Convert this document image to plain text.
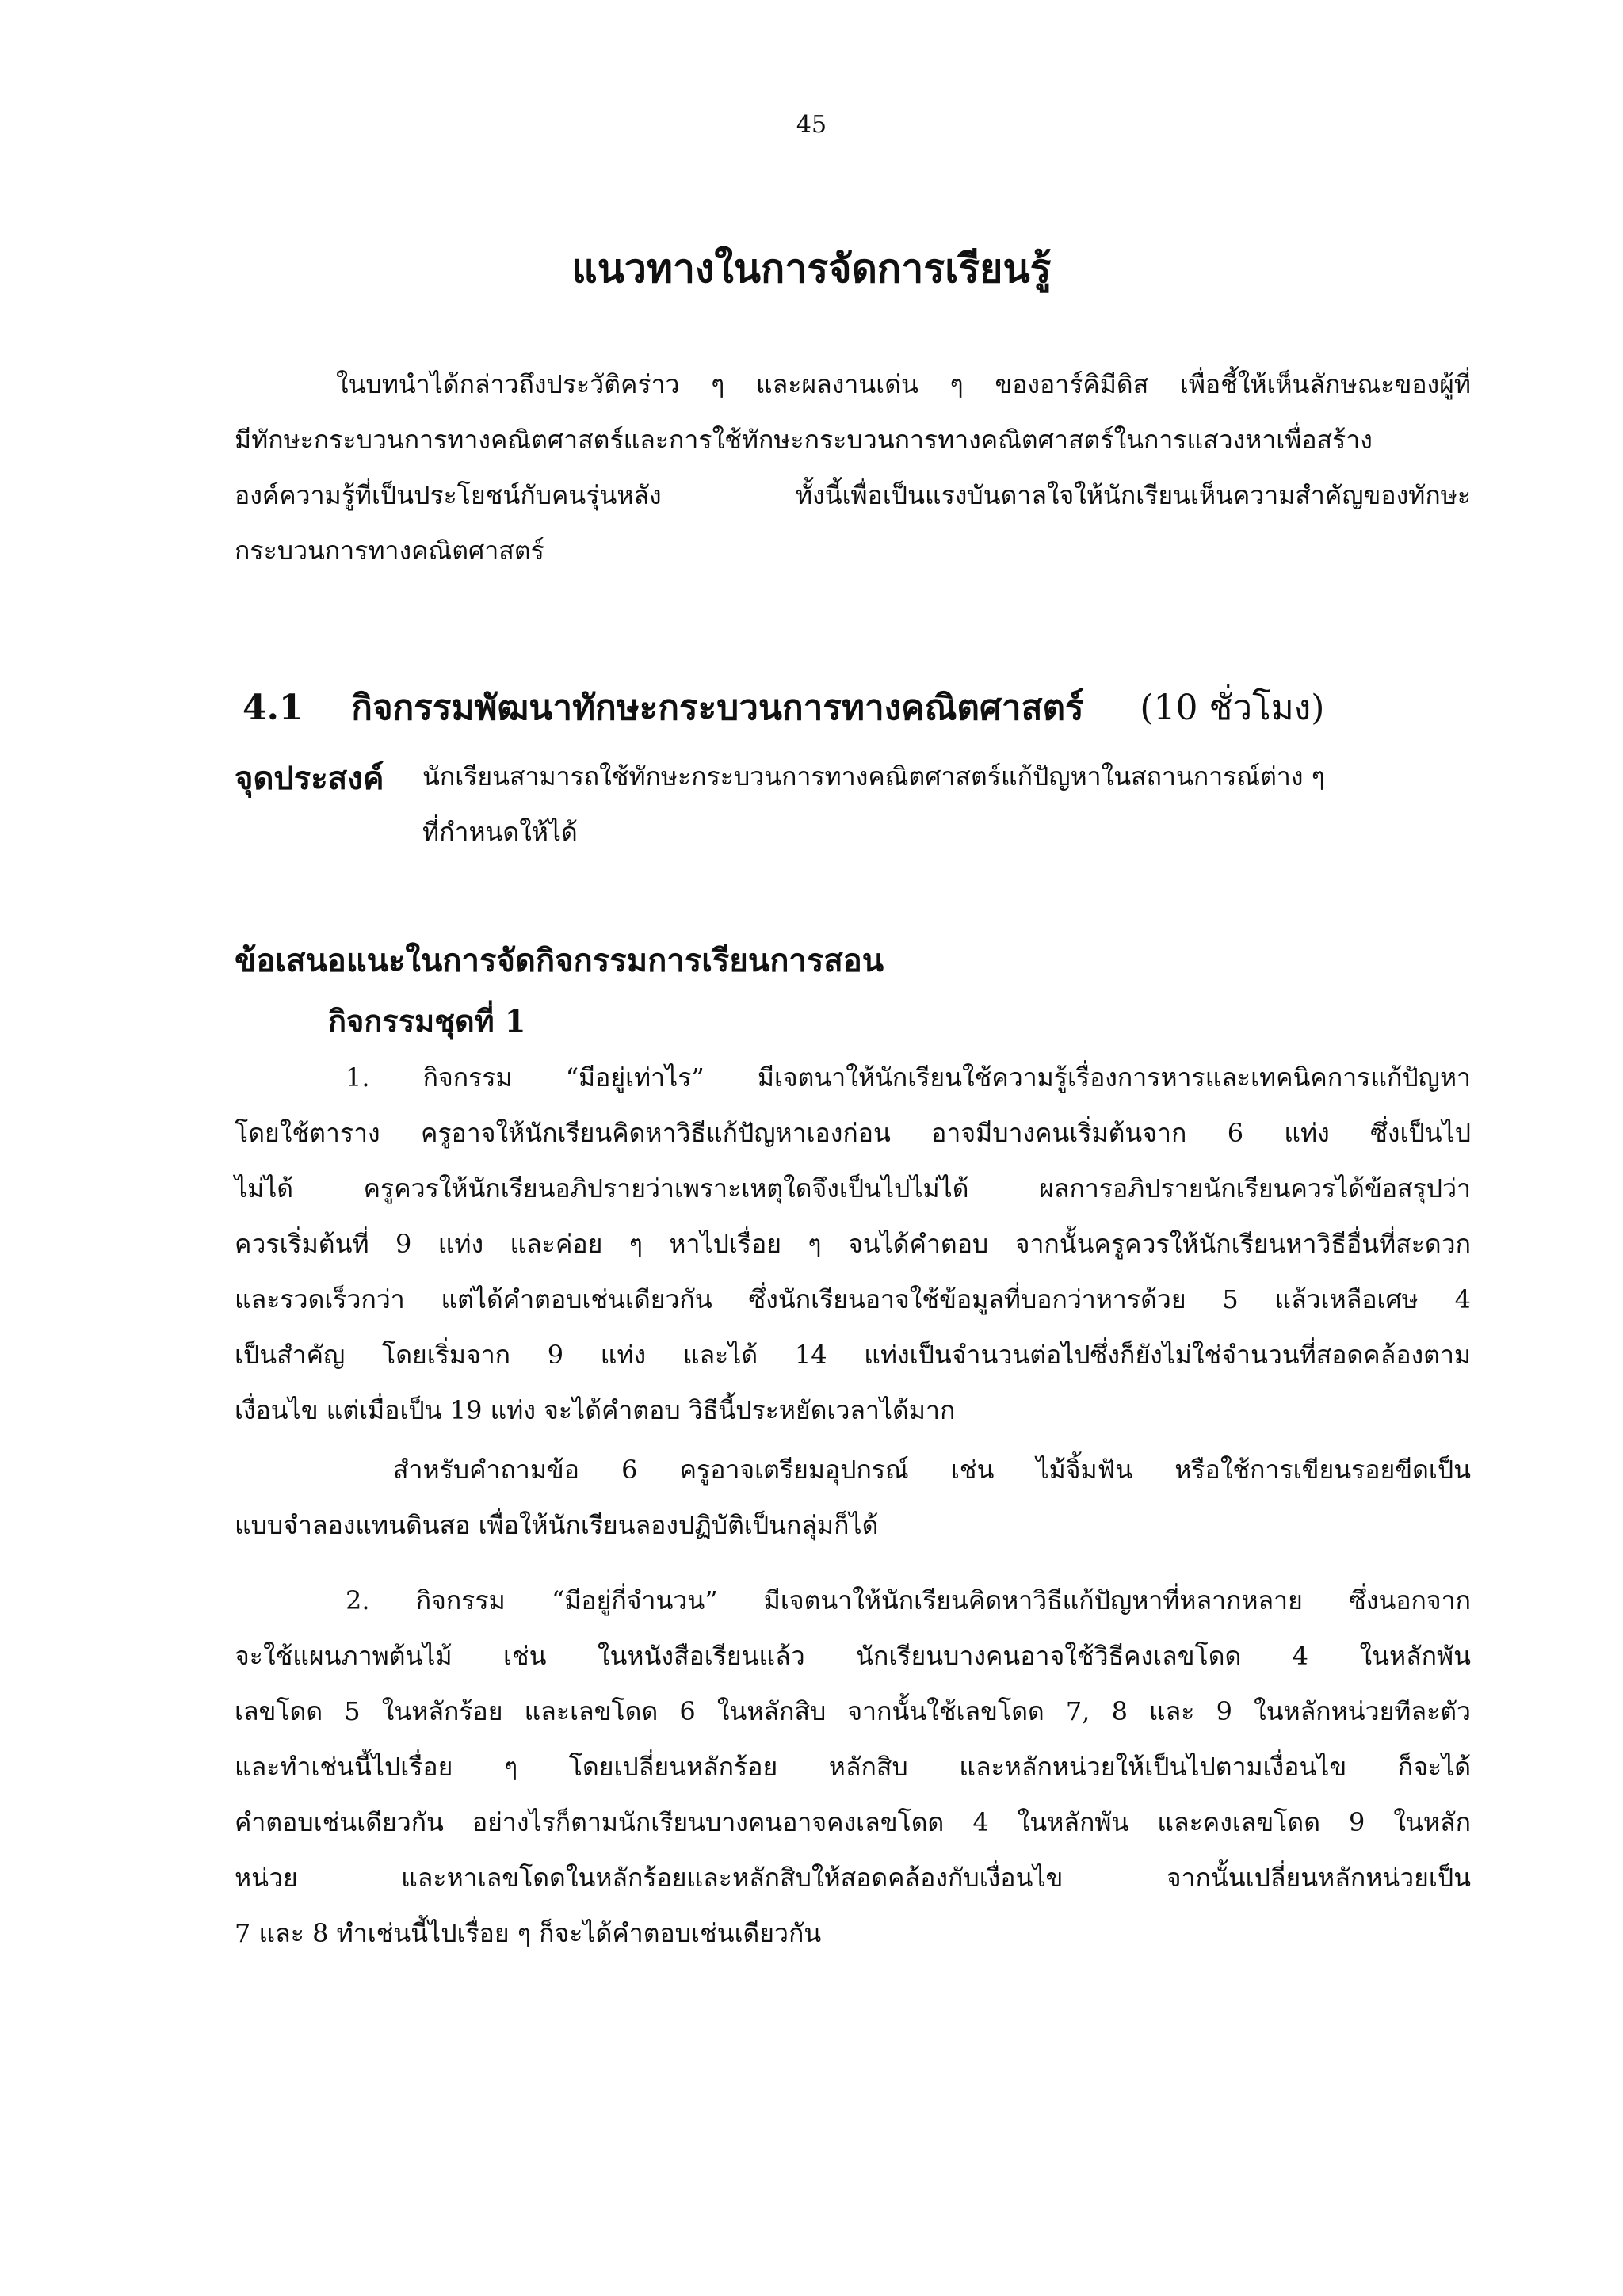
45
แนวทางในการจัดการเรียนรู้
ในบทนำได้กล่าวถึงประวัติคร่าว ๆ และผลงานเด่น ๆ ของอาร์คิมีดิส เพื่อชี้ให้เห็นลักษณะของผู้ที่
มีทักษะกระบวนการทางคณิตศาสตร์และการใช้ทักษะกระบวนการทางคณิตศาสตร์ในการแสวงหาเพื่อสร้าง
องค์ความรู้ที่เป็นประโยชน์กับคนรุ่นหลัง ทั้งนี้เพื่อเป็นแรงบันดาลใจให้นักเรียนเห็นความสำคัญของทักษะ
กระบวนการทางคณิตศาสตร์
4.1 กิจกรรมพัฒนาทักษะกระบวนการทางคณิตศาสตร์ (10 ชั่วโมง)
จุดประสงค์ นักเรียนสามารถใช้ทักษะกระบวนการทางคณิตศาสตร์แก้ปัญหาในสถานการณ์ต่าง ๆ
ที่กำหนดให้ได้
ข้อเสนอแนะในการจัดกิจกรรมการเรียนการสอน
กิจกรรมชุดที่ 1
1. กิจกรรม “มีอยู่เท่าไร” มีเจตนาให้นักเรียนใช้ความรู้เรื่องการหารและเทคนิคการแก้ปัญหา
โดยใช้ตาราง ครูอาจให้นักเรียนคิดหาวิธีแก้ปัญหาเองก่อน อาจมีบางคนเริ่มต้นจาก 6 แท่ง ซึ่งเป็นไป
ไม่ได้ ครูควรให้นักเรียนอภิปรายว่าเพราะเหตุใดจึงเป็นไปไม่ได้ ผลการอภิปรายนักเรียนควรได้ข้อสรุปว่า
ควรเริ่มต้นที่ 9 แท่ง และค่อย ๆ หาไปเรื่อย ๆ จนได้คำตอบ จากนั้นครูควรให้นักเรียนหาวิธีอื่นที่สะดวก
และรวดเร็วกว่า แต่ได้คำตอบเช่นเดียวกัน ซึ่งนักเรียนอาจใช้ข้อมูลที่บอกว่าหารด้วย 5 แล้วเหลือเศษ 4
เป็นสำคัญ โดยเริ่มจาก 9 แท่ง และได้ 14 แท่งเป็นจำนวนต่อไปซึ่งก็ยังไม่ใช่จำนวนที่สอดคล้องตาม
เงื่อนไข แต่เมื่อเป็น 19 แท่ง จะได้คำตอบ วิธีนี้ประหยัดเวลาได้มาก
สำหรับคำถามข้อ 6 ครูอาจเตรียมอุปกรณ์ เช่น ไม้จิ้มฟัน หรือใช้การเขียนรอยขีดเป็น
แบบจำลองแทนดินสอ เพื่อให้นักเรียนลองปฏิบัติเป็นกลุ่มก็ได้
2. กิจกรรม “มีอยู่กี่จำนวน” มีเจตนาให้นักเรียนคิดหาวิธีแก้ปัญหาที่หลากหลาย ซึ่งนอกจาก
จะใช้แผนภาพต้นไม้ เช่น ในหนังสือเรียนแล้ว นักเรียนบางคนอาจใช้วิธีคงเลขโดด 4 ในหลักพัน
เลขโดด 5 ในหลักร้อย และเลขโดด 6 ในหลักสิบ จากนั้นใช้เลขโดด 7, 8 และ 9 ในหลักหน่วยทีละตัว
และทำเช่นนี้ไปเรื่อย ๆ โดยเปลี่ยนหลักร้อย หลักสิบ และหลักหน่วยให้เป็นไปตามเงื่อนไข ก็จะได้
คำตอบเช่นเดียวกัน อย่างไรก็ตามนักเรียนบางคนอาจคงเลขโดด 4 ในหลักพัน และคงเลขโดด 9 ในหลัก
หน่วย และหาเลขโดดในหลักร้อยและหลักสิบให้สอดคล้องกับเงื่อนไข จากนั้นเปลี่ยนหลักหน่วยเป็น
7 และ 8 ทำเช่นนี้ไปเรื่อย ๆ ก็จะได้คำตอบเช่นเดียวกัน
